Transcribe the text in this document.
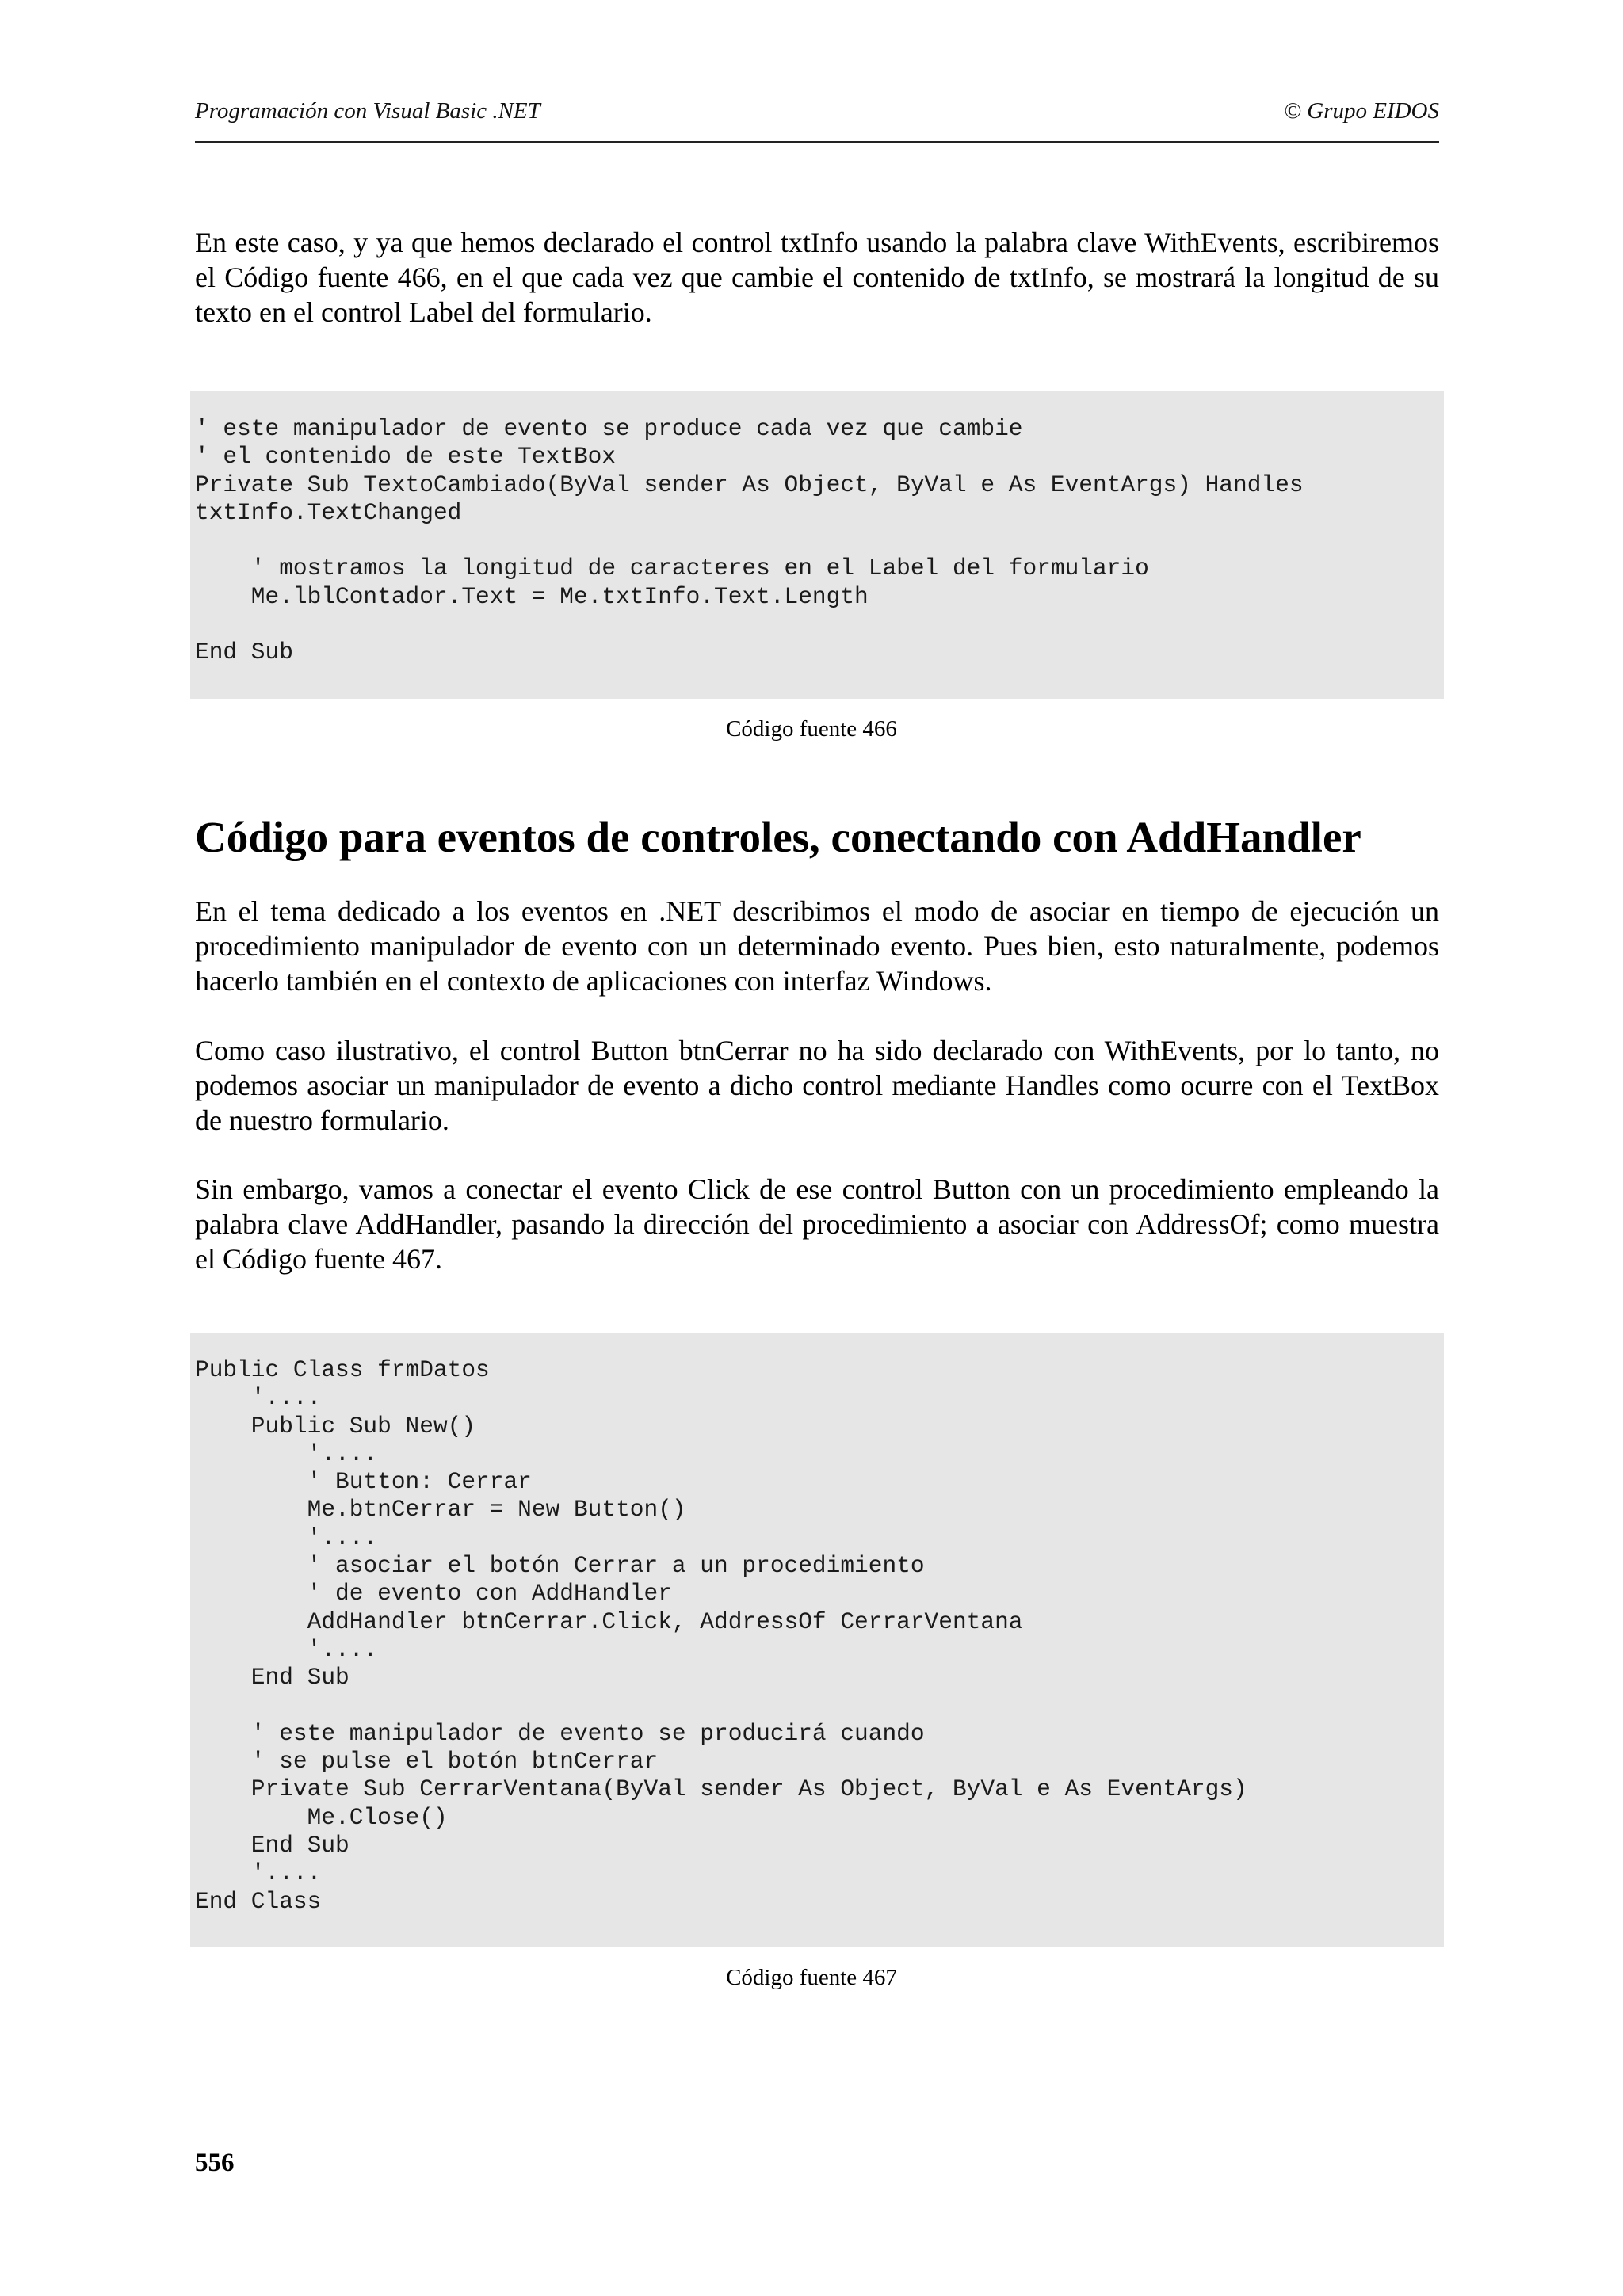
Programación con Visual Basic .NET	© Grupo EIDOS

En este caso, y ya que hemos declarado el control txtInfo usando la palabra clave WithEvents, escribiremos el Código fuente 466, en el que cada vez que cambie el contenido de txtInfo, se mostrará la longitud de su texto en el control Label del formulario.

' este manipulador de evento se produce cada vez que cambie
' el contenido de este TextBox
Private Sub TextoCambiado(ByVal sender As Object, ByVal e As EventArgs) Handles
txtInfo.TextChanged

' mostramos la longitud de caracteres en el Label del formulario
Me.lblContador.Text = Me.txtInfo.Text.Length

End Sub
Código fuente 466
Código para eventos de controles, conectando con AddHandler

En el tema dedicado a los eventos en .NET describimos el modo de asociar en tiempo de ejecución un procedimiento manipulador de evento con un determinado evento. Pues bien, esto naturalmente, podemos hacerlo también en el contexto de aplicaciones con interfaz Windows.

Como caso ilustrativo, el control Button btnCerrar no ha sido declarado con WithEvents, por lo tanto, no podemos asociar un manipulador de evento a dicho control mediante Handles como ocurre con el TextBox de nuestro formulario.

Sin embargo, vamos a conectar el evento Click de ese control Button con un procedimiento empleando la palabra clave AddHandler, pasando la dirección del procedimiento a asociar con AddressOf; como muestra el Código fuente 467.

Public Class frmDatos
'....
Public Sub New()
'....
' Button: Cerrar
Me.btnCerrar = New Button()
'....
' asociar el botón Cerrar a un procedimiento
' de evento con AddHandler
AddHandler btnCerrar.Click, AddressOf CerrarVentana
'....
End Sub

' este manipulador de evento se producirá cuando
' se pulse el botón btnCerrar
Private Sub CerrarVentana(ByVal sender As Object, ByVal e As EventArgs)
Me.Close()
End Sub
'....
End Class
Código fuente 467
556
